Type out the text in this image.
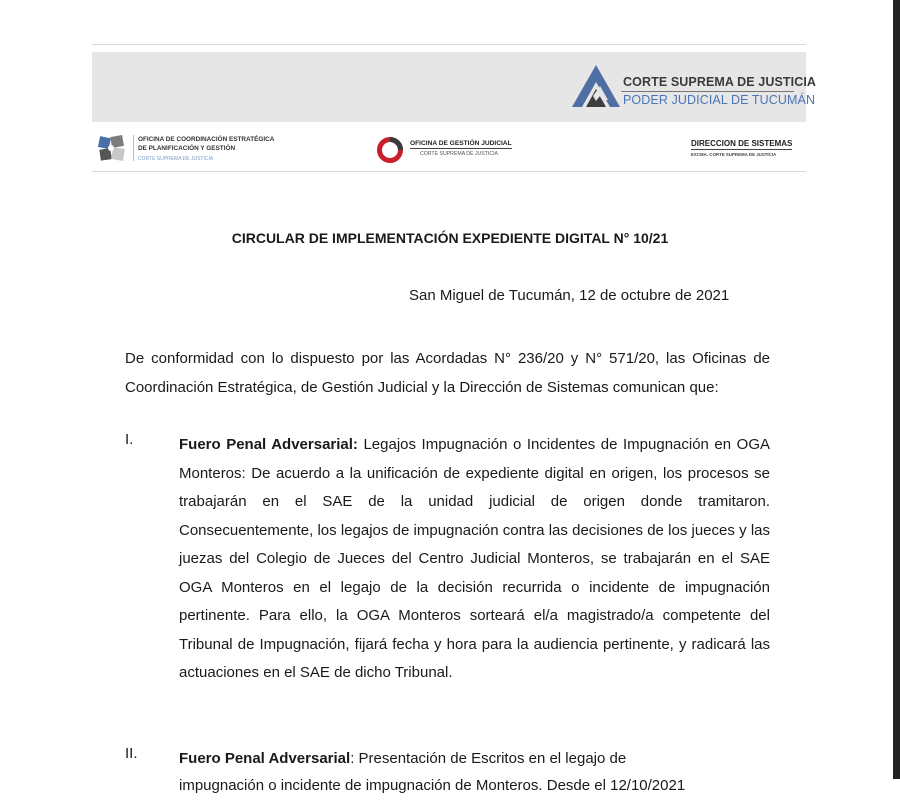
CORTE SUPREMA DE JUSTICIA
PODER JUDICIAL DE TUCUMÁN
OFICINA DE COORDINACIÓN ESTRATÉGICA
DE PLANIFICACIÓN Y GESTIÓN
CORTE SUPREMA DE JUSTICIA
OFICINA DE GESTIÓN JUDICIAL
CORTE SUPREMA DE JUSTICIA
DIRECCION DE SISTEMAS
EXCMA. CORTE SUPREMA DE JUSTICIA
CIRCULAR DE IMPLEMENTACIÓN EXPEDIENTE DIGITAL N° 10/21
San Miguel de Tucumán, 12 de octubre de 2021
De conformidad con lo dispuesto por las Acordadas N° 236/20 y N° 571/20, las Oficinas de Coordinación Estratégica, de Gestión Judicial y la Dirección de Sistemas comunican que:
I.	Fuero Penal Adversarial: Legajos Impugnación o Incidentes de Impugnación en OGA Monteros: De acuerdo a la unificación de expediente digital en origen, los procesos se trabajarán en el SAE de la unidad judicial de origen donde tramitaron. Consecuentemente, los legajos de impugnación contra las decisiones de los jueces y las juezas del Colegio de Jueces del Centro Judicial Monteros, se trabajarán en el SAE OGA Monteros en el legajo de la decisión recurrida o incidente de impugnación pertinente. Para ello, la OGA Monteros sorteará el/a magistrado/a competente del Tribunal de Impugnación, fijará fecha y hora para la audiencia pertinente, y radicará las actuaciones en el SAE de dicho Tribunal.
II.	Fuero Penal Adversarial: Presentación de Escritos en el legajo de
impugnación o incidente de impugnación de Monteros. Desde el 12/10/2021
